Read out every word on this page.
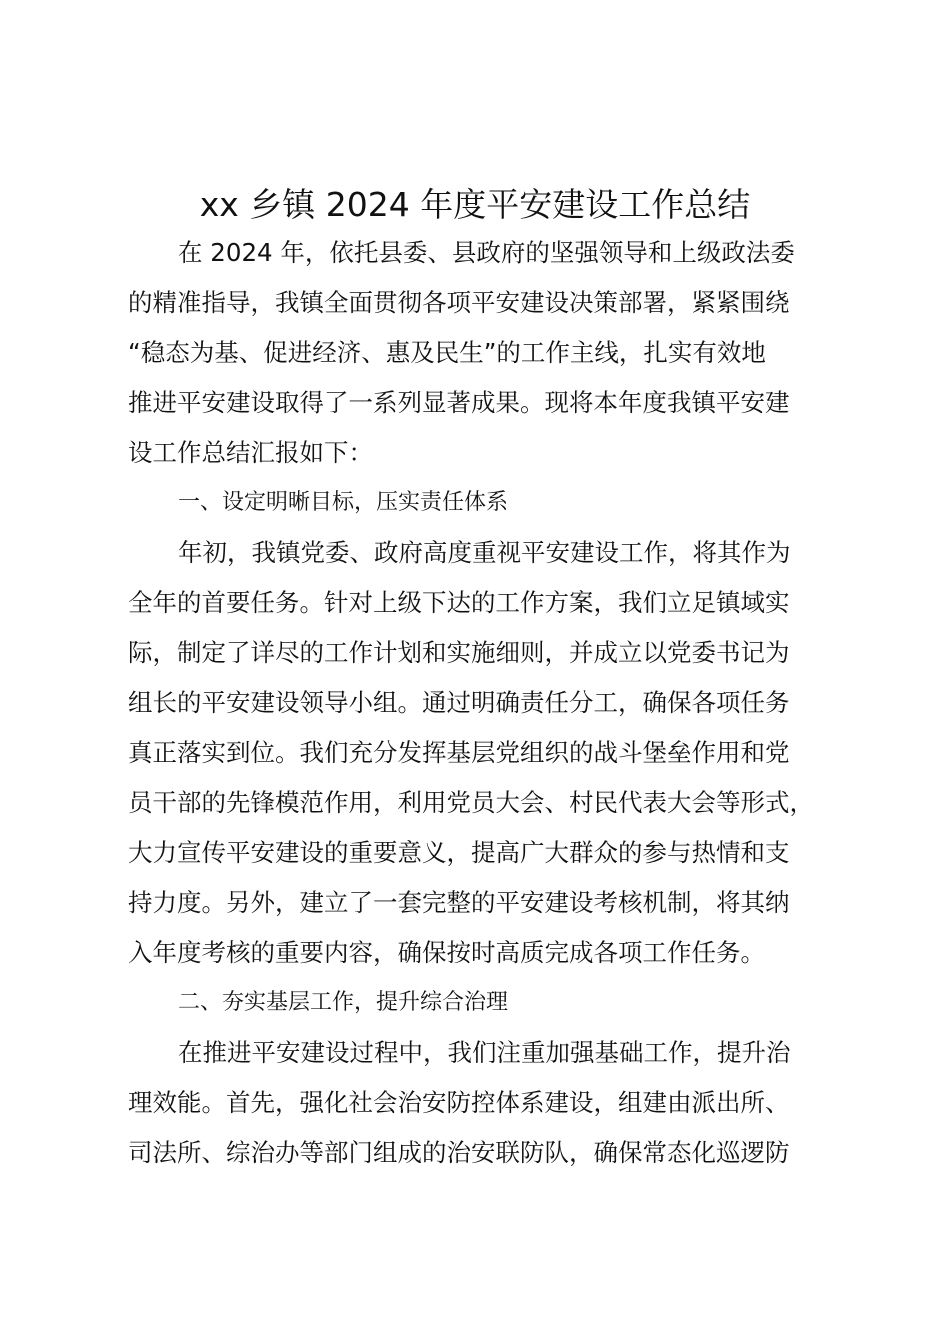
xx 乡镇 2024 年度平安建设工作总结
在 2024 年，依托县委、县政府的坚强领导和上级政法委
的精准指导，我镇全面贯彻各项平安建设决策部署，紧紧围绕
“稳态为基、促进经济、惠及民生”的工作主线，扎实有效地
推进平安建设取得了一系列显著成果。现将本年度我镇平安建
设工作总结汇报如下：
一、设定明晰目标，压实责任体系
年初，我镇党委、政府高度重视平安建设工作，将其作为
全年的首要任务。针对上级下达的工作方案，我们立足镇域实
际，制定了详尽的工作计划和实施细则，并成立以党委书记为
组长的平安建设领导小组。通过明确责任分工，确保各项任务
真正落实到位。我们充分发挥基层党组织的战斗堡垒作用和党
员干部的先锋模范作用，利用党员大会、村民代表大会等形式，
大力宣传平安建设的重要意义，提高广大群众的参与热情和支
持力度。另外，建立了一套完整的平安建设考核机制，将其纳
入年度考核的重要内容，确保按时高质完成各项工作任务。
二、夯实基层工作，提升综合治理
在推进平安建设过程中，我们注重加强基础工作，提升治
理效能。首先，强化社会治安防控体系建设，组建由派出所、
司法所、综治办等部门组成的治安联防队，确保常态化巡逻防
